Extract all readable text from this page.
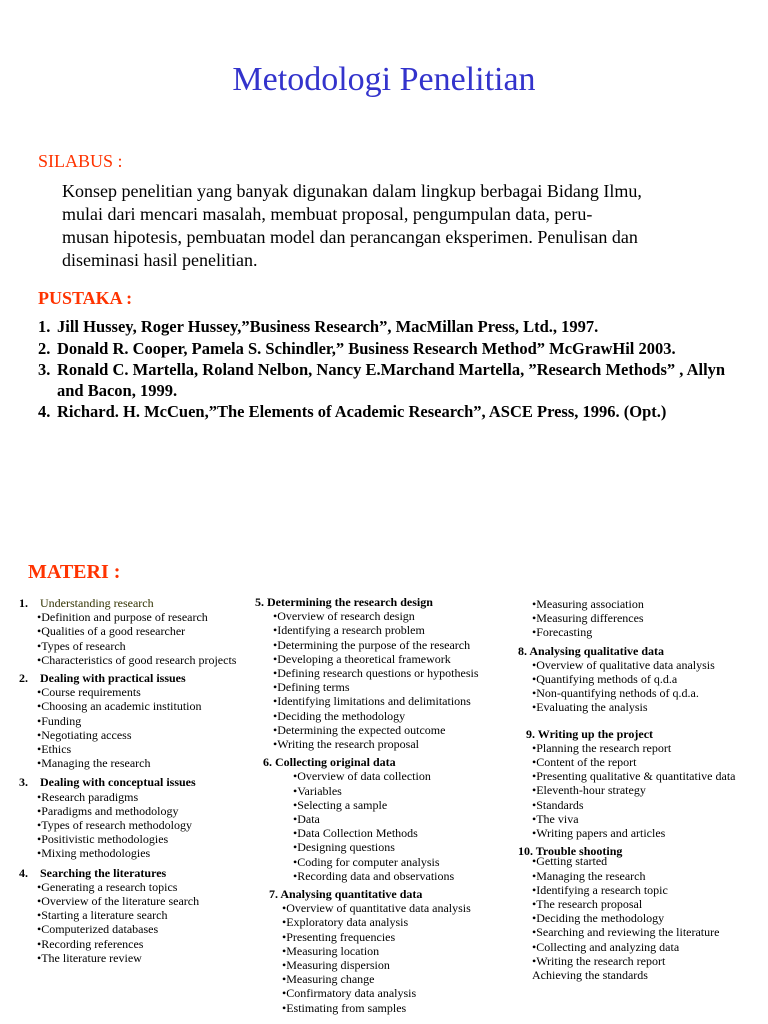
Metodologi Penelitian
SILABUS :
Konsep penelitian yang banyak digunakan dalam lingkup berbagai Bidang Ilmu,
mulai dari mencari masalah, membuat proposal, pengumpulan data, peru-
musan hipotesis, pembuatan model dan perancangan eksperimen. Penulisan dan
diseminasi hasil penelitian.
PUSTAKA :
1. Jill Hussey, Roger Hussey,”Business Research”, MacMillan Press, Ltd., 1997.
2. Donald R. Cooper, Pamela S. Schindler,” Business Research Method” McGrawHil 2003.
3. Ronald C. Martella, Roland Nelbon, Nancy E.Marchand Martella, ”Research Methods” , Allyn and Bacon, 1999.
4. Richard. H. McCuen,”The Elements of Academic Research”, ASCE Press, 1996. (Opt.)
MATERI :
1. Understanding research
•Definition and purpose of research
•Qualities of a good researcher
•Types of research
•Characteristics of good research projects
2. Dealing with practical issues
•Course requirements
•Choosing an academic institution
•Funding
•Negotiating access
•Ethics
•Managing the research
3. Dealing with conceptual issues
•Research paradigms
•Paradigms and methodology
•Types of research methodology
•Positivistic methodologies
•Mixing methodologies
4. Searching the literatures
•Generating a research topics
•Overview of the literature search
•Starting a literature search
•Computerized databases
•Recording references
•The literature review
5. Determining the research design
•Overview of research design
•Identifying a research problem
•Determining the purpose of the research
•Developing a theoretical framework
•Defining research questions or hypothesis
•Defining terms
•Identifying limitations and delimitations
•Deciding the methodology
•Determining the expected outcome
•Writing the research proposal
6. Collecting original data
•Overview of data collection
•Variables
•Selecting a sample
•Data
•Data Collection Methods
•Designing questions
•Coding for computer analysis
•Recording data and observations
7. Analysing quantitative data
•Overview of quantitative data analysis
•Exploratory data analysis
•Presenting frequencies
•Measuring location
•Measuring dispersion
•Measuring change
•Confirmatory data analysis
•Estimating from samples
•Measuring association
•Measuring differences
•Forecasting
8. Analysing qualitative data
•Overview of qualitative data analysis
•Quantifying methods of q.d.a
•Non-quantifying nethods of q.d.a.
•Evaluating the analysis
9. Writing up the project
•Planning the research report
•Content of the report
•Presenting qualitative & quantitative data
•Eleventh-hour strategy
•Standards
•The viva
•Writing papers and articles
10. Trouble shooting
•Getting started
•Managing the research
•Identifying a research topic
•The research proposal
•Deciding the methodology
•Searching and reviewing the literature
•Collecting and analyzing data
•Writing the research report
Achieving the standards
